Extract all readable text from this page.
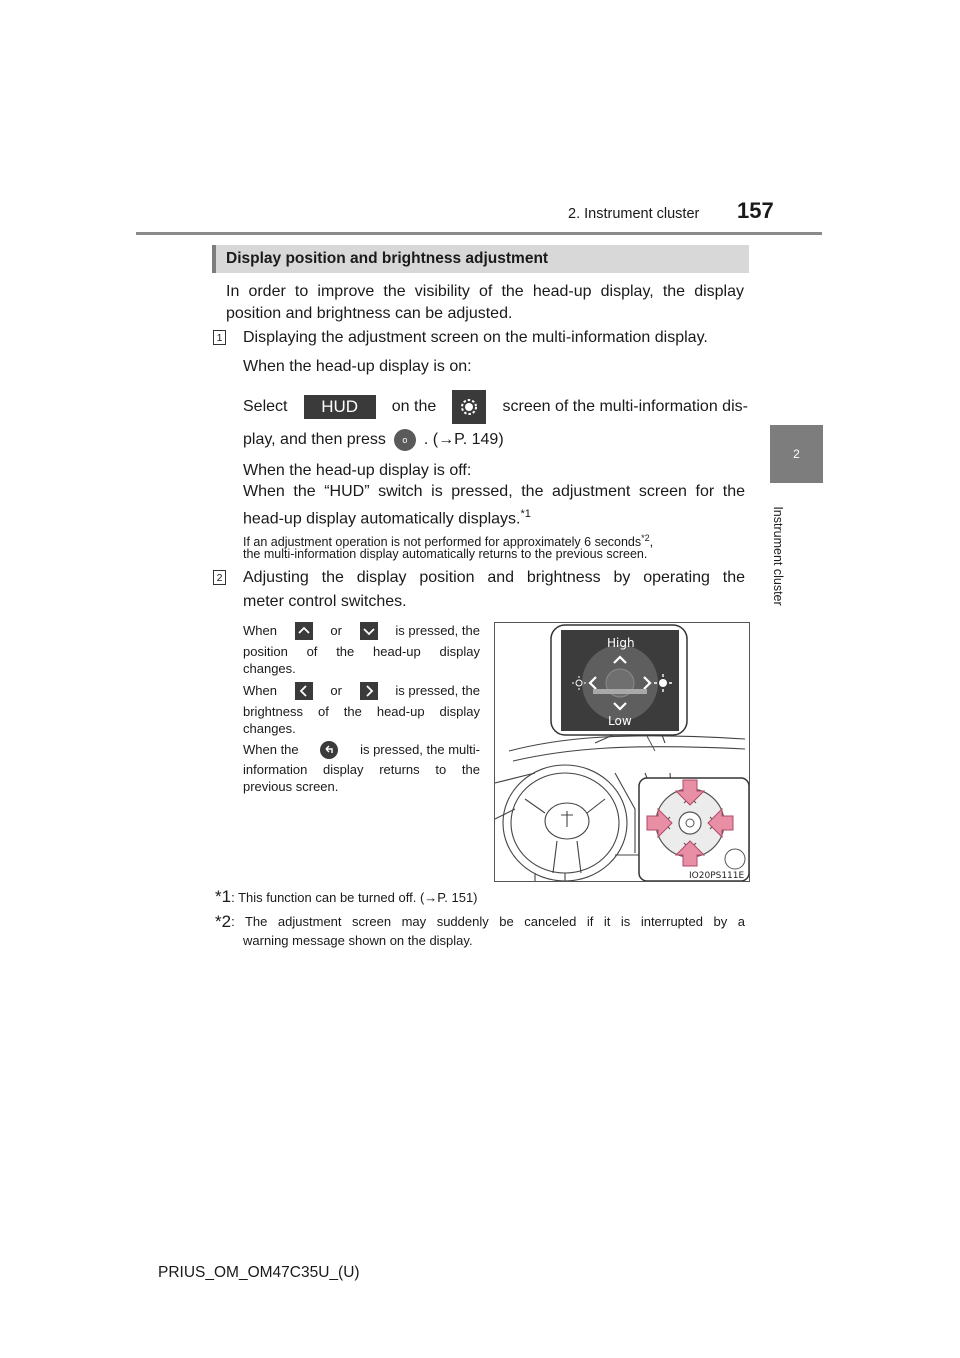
2. Instrument cluster 157
2
Instrument cluster
Display position and brightness adjustment
In order to improve the visibility of the head-up display, the display
position and brightness can be adjusted.
1 Displaying the adjustment screen on the multi-information display.
When the head-up display is on:
Select	HUD	on the	screen of the multi-information dis-
play, and then press	o	. (→P. 149)
When the head-up display is off:
When the “HUD” switch is pressed, the adjustment screen for the
head-up display automatically displays.$^{*1}$
If an adjustment operation is not performed for approximately 6 seconds$^{*2}$,
the multi-information display automatically returns to the previous screen.
2 Adjusting the display position and brightness by operating the
meter control switches.
When	or	is pressed, the
position of the head-up display
changes.
When	or	is pressed, the
brightness of the head-up display
changes.
When the	is pressed, the multi-
information display returns to the
previous screen.
High
Low
IO20PS111E
*1: This function can be turned off. (→P. 151)
*2 : The adjustment screen may suddenly be canceled if it is interrupted by a
warning message shown on the display.
PRIUS_OM_OM47C35U_(U)
